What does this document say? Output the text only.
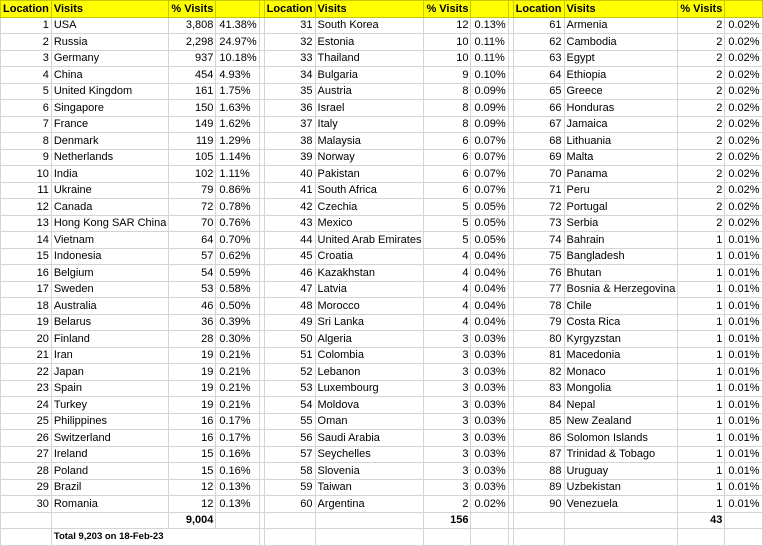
Location	Visits	% Visits			Location	Visits	% Visits			Location	Visits	% Visits	
1	USA	3,808	41.38%		31	South Korea	12	0.13%		61	Armenia	2	0.02%
2	Russia	2,298	24.97%		32	Estonia	10	0.11%		62	Cambodia	2	0.02%
3	Germany	937	10.18%		33	Thailand	10	0.11%		63	Egypt	2	0.02%
4	China	454	4.93%		34	Bulgaria	9	0.10%		64	Ethiopia	2	0.02%
5	United Kingdom	161	1.75%		35	Austria	8	0.09%		65	Greece	2	0.02%
6	Singapore	150	1.63%		36	Israel	8	0.09%		66	Honduras	2	0.02%
7	France	149	1.62%		37	Italy	8	0.09%		67	Jamaica	2	0.02%
8	Denmark	119	1.29%		38	Malaysia	6	0.07%		68	Lithuania	2	0.02%
9	Netherlands	105	1.14%		39	Norway	6	0.07%		69	Malta	2	0.02%
10	India	102	1.11%		40	Pakistan	6	0.07%		70	Panama	2	0.02%
11	Ukraine	79	0.86%		41	South Africa	6	0.07%		71	Peru	2	0.02%
12	Canada	72	0.78%		42	Czechia	5	0.05%		72	Portugal	2	0.02%
13	Hong Kong SAR China	70	0.76%		43	Mexico	5	0.05%		73	Serbia	2	0.02%
14	Vietnam	64	0.70%		44	United Arab Emirates	5	0.05%		74	Bahrain	1	0.01%
15	Indonesia	57	0.62%		45	Croatia	4	0.04%		75	Bangladesh	1	0.01%
16	Belgium	54	0.59%		46	Kazakhstan	4	0.04%		76	Bhutan	1	0.01%
17	Sweden	53	0.58%		47	Latvia	4	0.04%		77	Bosnia & Herzegovina	1	0.01%
18	Australia	46	0.50%		48	Morocco	4	0.04%		78	Chile	1	0.01%
19	Belarus	36	0.39%		49	Sri Lanka	4	0.04%		79	Costa Rica	1	0.01%
20	Finland	28	0.30%		50	Algeria	3	0.03%		80	Kyrgyzstan	1	0.01%
21	Iran	19	0.21%		51	Colombia	3	0.03%		81	Macedonia	1	0.01%
22	Japan	19	0.21%		52	Lebanon	3	0.03%		82	Monaco	1	0.01%
23	Spain	19	0.21%		53	Luxembourg	3	0.03%		83	Mongolia	1	0.01%
24	Turkey	19	0.21%		54	Moldova	3	0.03%		84	Nepal	1	0.01%
25	Philippines	16	0.17%		55	Oman	3	0.03%		85	New Zealand	1	0.01%
26	Switzerland	16	0.17%		56	Saudi Arabia	3	0.03%		86	Solomon Islands	1	0.01%
27	Ireland	15	0.16%		57	Seychelles	3	0.03%		87	Trinidad & Tobago	1	0.01%
28	Poland	15	0.16%		58	Slovenia	3	0.03%		88	Uruguay	1	0.01%
29	Brazil	12	0.13%		59	Taiwan	3	0.03%		89	Uzbekistan	1	0.01%
30	Romania	12	0.13%		60	Argentina	2	0.02%		90	Venezuela	1	0.01%
		9,004					156					43	
	Total 9,203 on 18-Feb-23												
